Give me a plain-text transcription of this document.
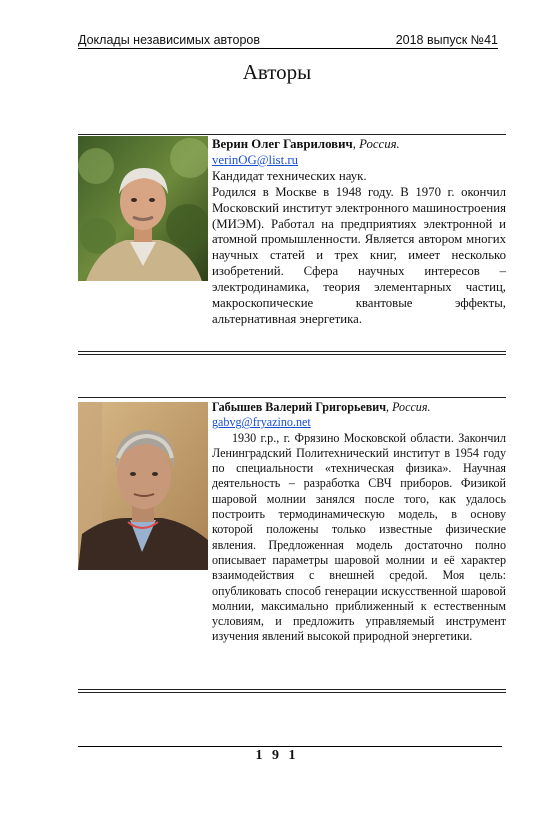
Доклады независимых авторов	2018 выпуск №41
Авторы
Верин Олег Гаврилович, Россия.
verinOG@list.ru
Кандидат технических наук.

Родился в Москве в 1948 году. В 1970 г. окончил Московский институт электронного машиностроения (МИЭМ). Работал на предприятиях электронной и атомной промышленности. Является автором многих научных статей и трех книг, имеет несколько изобретений. Сфера научных интересов – электродинамика, теория элементарных частиц, макроскопические квантовые эффекты, альтернативная энергетика.

Габышев Валерий Григорьевич, Россия.
gabvg@fryazino.net

1930 г.р., г. Фрязино Московской области. Закончил Ленинградский Политехнический институт в 1954 году по специальности «техническая физика». Научная деятельность – разработка СВЧ приборов. Физикой шаровой молнии занялся после того, как удалось построить термодинамическую модель, в основу которой положены только известные физические явления. Предложенная модель достаточно полно описывает параметры шаровой молнии и её характер взаимодействия с внешней средой. Моя цель: опубликовать способ генерации искусственной шаровой молнии, максимально приближенный к естественным условиям, и предложить управляемый инструмент изучения явлений высокой природной энергетики.

1 9 1
